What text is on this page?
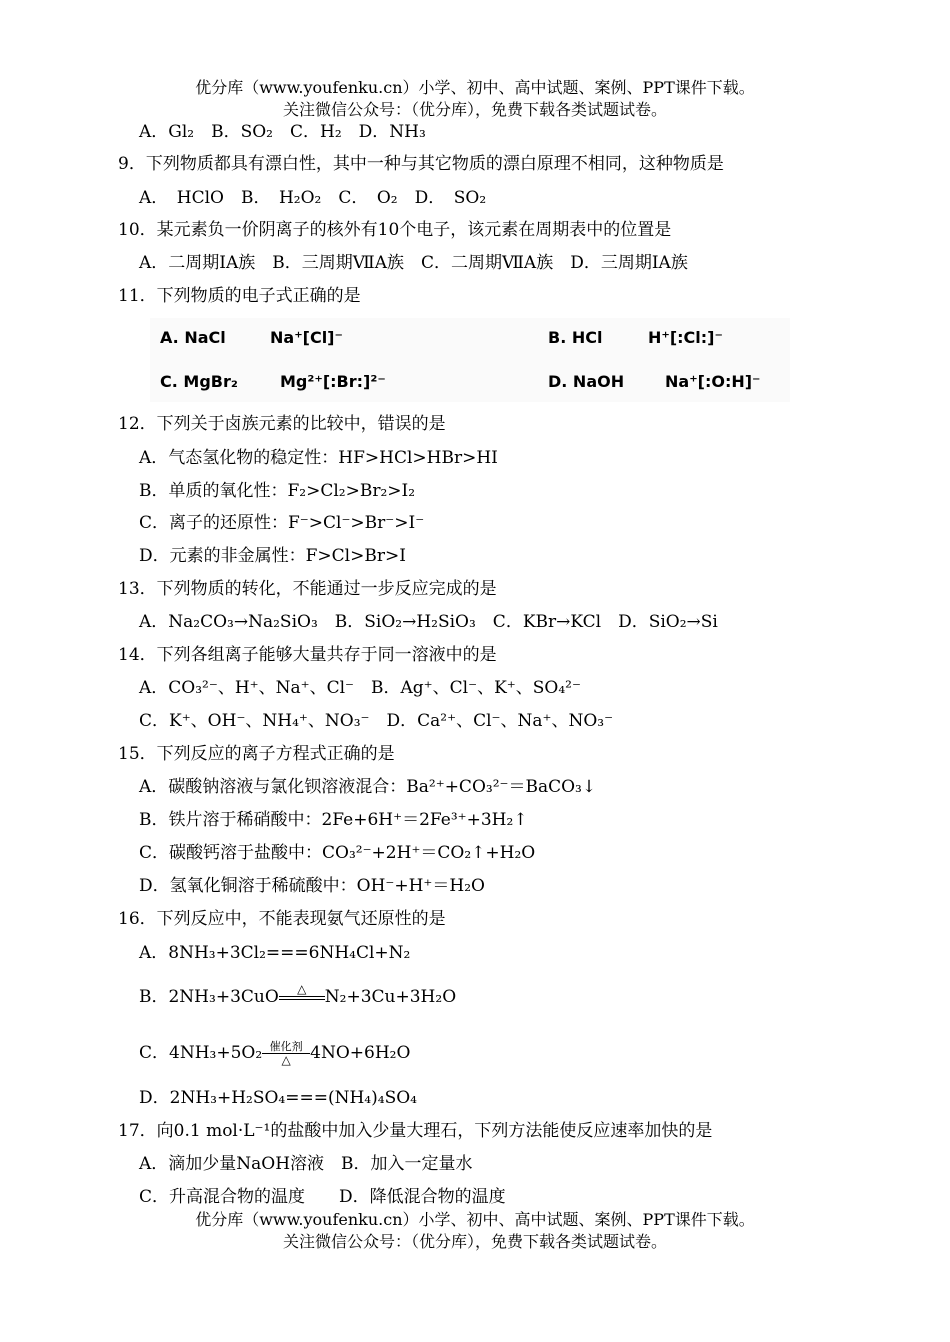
优分库（www.youfenku.cn）小学、初中、高中试题、案例、PPT课件下载。
关注微信公众号：（优分库），免费下载各类试题试卷。
A．Gl₂　B．SO₂　C．H₂　D．NH₃
9．下列物质都具有漂白性，其中一种与其它物质的漂白原理不相同，这种物质是
A．　HClO　B．　H₂O₂　C．　O₂　D．　SO₂
10．某元素负一价阴离子的核外有10个电子，该元素在周期表中的位置是
A．二周期IA族　B．三周期ⅦA族　C．二周期ⅦA族　D．三周期IA族
11．下列物质的电子式正确的是
A. NaCl	Na⁺[Cl]⁻	B. HCl	H⁺[:Cl:]⁻
C. MgBr₂	Mg²⁺[:Br:]²⁻	D. NaOH	Na⁺[:O:H]⁻
12．下列关于卤族元素的比较中，错误的是
A．气态氢化物的稳定性：HF>HCl>HBr>HI
B．单质的氧化性：F₂>Cl₂>Br₂>I₂
C．离子的还原性：F⁻>Cl⁻>Br⁻>I⁻
D．元素的非金属性：F>Cl>Br>I
13．下列物质的转化，不能通过一步反应完成的是
A．Na₂CO₃→Na₂SiO₃　B．SiO₂→H₂SiO₃　C．KBr→KCl　D．SiO₂→Si
14．下列各组离子能够大量共存于同一溶液中的是
A．CO₃²⁻、H⁺、Na⁺、Cl⁻　B．Ag⁺、Cl⁻、K⁺、SO₄²⁻
C．K⁺、OH⁻、NH₄⁺、NO₃⁻　D．Ca²⁺、Cl⁻、Na⁺、NO₃⁻
15．下列反应的离子方程式正确的是
A．碳酸钠溶液与氯化钡溶液混合：Ba²⁺+CO₃²⁻＝BaCO₃↓
B．铁片溶于稀硝酸中：2Fe+6H⁺＝2Fe³⁺+3H₂↑
C．碳酸钙溶于盐酸中：CO₃²⁻+2H⁺＝CO₂↑+H₂O
D．氢氧化铜溶于稀硫酸中：OH⁻+H⁺＝H₂O
16．下列反应中，不能表现氨气还原性的是
A．8NH₃+3Cl₂===6NH₄Cl+N₂
B．2NH₃+3CuO	△	N₂+3Cu+3H₂O
C．4NH₃+5O₂ 催化剂
△	4NO+6H₂O
D．2NH₃+H₂SO₄===(NH₄)₄SO₄
17．向0.1 mol·L⁻¹的盐酸中加入少量大理石，下列方法能使反应速率加快的是
A．滴加少量NaOH溶液　B．加入一定量水
C．升高混合物的温度　　D．降低混合物的温度
优分库（www.youfenku.cn）小学、初中、高中试题、案例、PPT课件下载。
关注微信公众号：（优分库），免费下载各类试题试卷。
